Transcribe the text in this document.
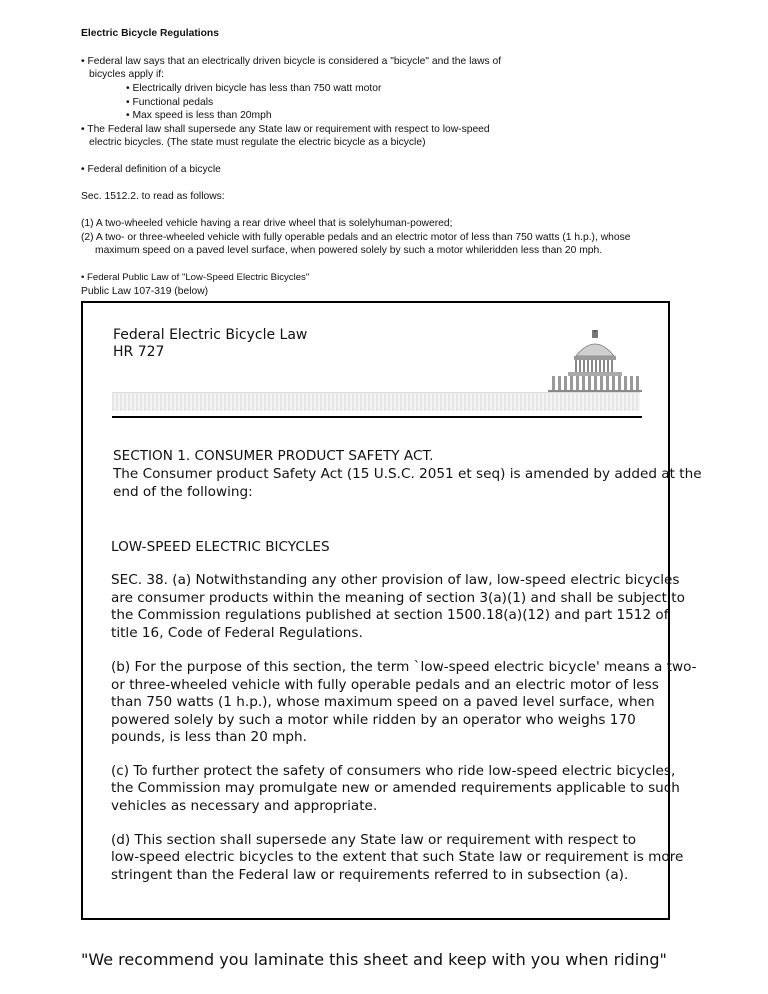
Electric Bicycle Regulations
• Federal law says that an electrically driven bicycle is considered a "bicycle" and the laws of
bicycles apply if:
• Electrically driven bicycle has less than 750 watt motor
• Functional pedals
• Max speed is less than 20mph
• The Federal law shall supersede any State law or requirement with respect to low-speed
electric bicycles. (The state must regulate the electric bicycle as a bicycle)
• Federal definition of a bicycle
Sec. 1512.2. to read as follows:
(1) A two-wheeled vehicle having a rear drive wheel that is solelyhuman-powered;
(2) A two- or three-wheeled vehicle with fully operable pedals and an electric motor of less than 750 watts (1 h.p.), whose
maximum speed on a paved level surface, when powered solely by such a motor whileridden less than 20 mph.
• Federal Public Law of "Low-Speed Electric Bicycles"
Public Law 107-319 (below)
Federal Electric Bicycle Law
HR 727
SECTION 1. CONSUMER PRODUCT SAFETY ACT.
The Consumer product Safety Act (15 U.S.C. 2051 et seq) is amended by added at the
end of the following:
LOW-SPEED ELECTRIC BICYCLES
SEC. 38. (a) Notwithstanding any other provision of law, low-speed electric bicycles
are consumer products within the meaning of section 3(a)(1) and shall be subject to
the Commission regulations published at section 1500.18(a)(12) and part 1512 of
title 16, Code of Federal Regulations.
(b) For the purpose of this section, the term `low-speed electric bicycle' means a two-
or three-wheeled vehicle with fully operable pedals and an electric motor of less
than 750 watts (1 h.p.), whose maximum speed on a paved level surface, when
powered solely by such a motor while ridden by an operator who weighs 170
pounds, is less than 20 mph.
(c) To further protect the safety of consumers who ride low-speed electric bicycles,
the Commission may promulgate new or amended requirements applicable to such
vehicles as necessary and appropriate.
(d) This section shall supersede any State law or requirement with respect to
low-speed electric bicycles to the extent that such State law or requirement is more
stringent than the Federal law or requirements referred to in subsection (a).
"We recommend you laminate this sheet and keep with you when riding"
